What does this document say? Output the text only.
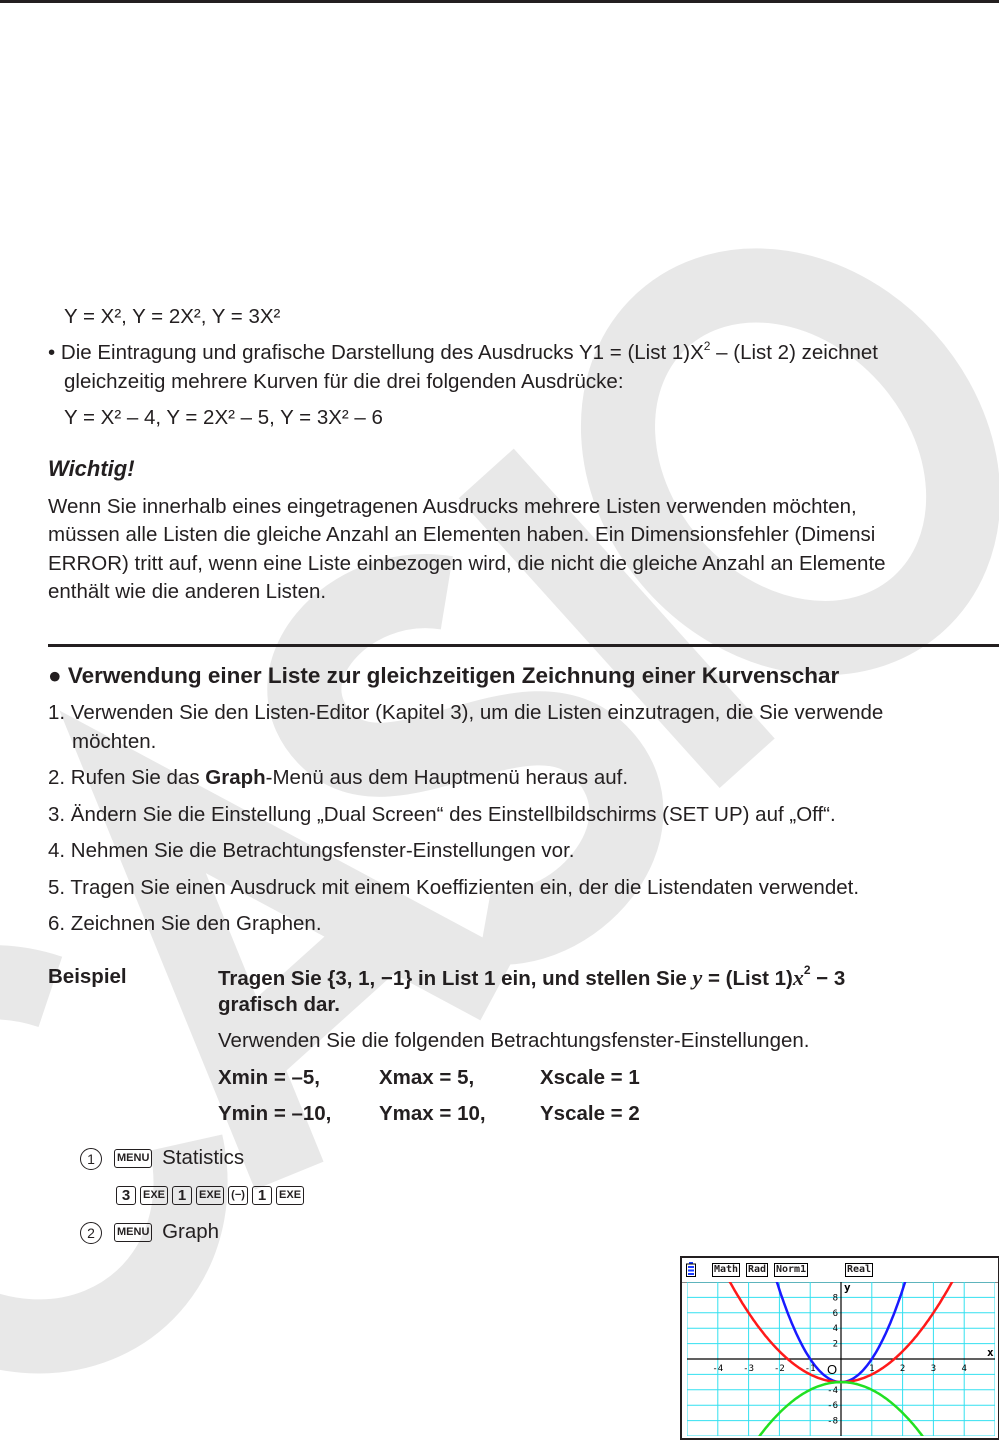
Y = X², Y = 2X², Y = 3X²
• Die Eintragung und grafische Darstellung des Ausdrucks Y1 = (List $1)X^2$ – (List 2) zeichnet
gleichzeitig mehrere Kurven für die drei folgenden Ausdrücke:
Y = X² – 4, Y = 2X² – 5, Y = 3X² – 6
Wichtig!
Wenn Sie innerhalb eines eingetragenen Ausdrucks mehrere Listen verwenden möchten,
müssen alle Listen die gleiche Anzahl an Elementen haben. Ein Dimensionsfehler (Dimensi
ERROR) tritt auf, wenn eine Liste einbezogen wird, die nicht die gleiche Anzahl an Elemente
enthält wie die anderen Listen.
● Verwendung einer Liste zur gleichzeitigen Zeichnung einer Kurvenschar
1. Verwenden Sie den Listen-Editor (Kapitel 3), um die Listen einzutragen, die Sie verwende
möchten.
2. Rufen Sie das Graph-Menü aus dem Hauptmenü heraus auf.
3. Ändern Sie die Einstellung „Dual Screen“ des Einstellbildschirms (SET UP) auf „Off“.
4. Nehmen Sie die Betrachtungsfenster-Einstellungen vor.
5. Tragen Sie einen Ausdruck mit einem Koeffizienten ein, der die Listendaten verwendet.
6. Zeichnen Sie den Graphen.
Beispiel	Tragen Sie {3, 1, −1} in List 1 ein, und stellen Sie y = (List $1)x^2 - 3$
grafisch dar.
Verwenden Sie die folgenden Betrachtungsfenster-Einstellungen.
Xmin = –5,	Xmax = 5,	Xscale = 1
Ymin = –10, Ymax = 10,	Yscale = 2
1 MENU Statistics
3 EXE 1 EXE (−) 1 EXE
2 MENU Graph
Math Rad Norm1	Real
-4 -3 -2 -1	1	2	3	4
8
6
4
2
-4
-6
-8
x
y
O
